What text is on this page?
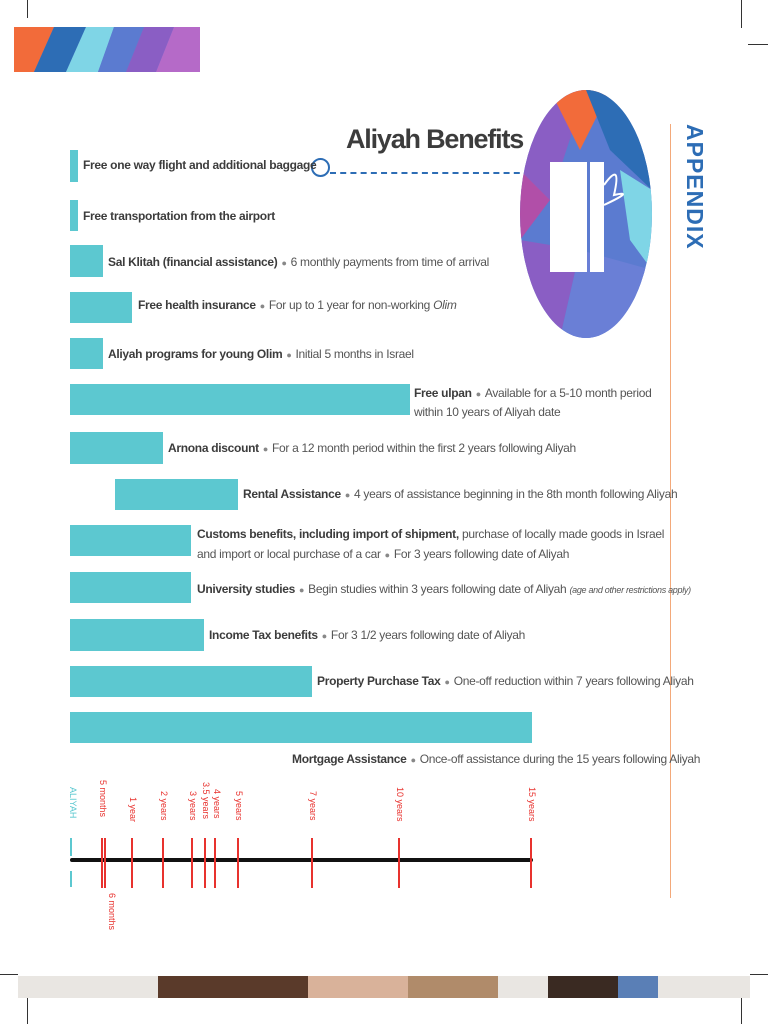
Aliyah Benefits	APPENDIX
Free one way flight and additional baggage
Free transportation from the airport
Sal Klitah (financial assistance) ● 6 monthly payments from time of arrival
Free health insurance ● For up to 1 year for non-working Olim
Aliyah programs for young Olim ● Initial 5 months in Israel
Free ulpan ● Available for a 5-10 month period
within 10 years of Aliyah date
Arnona discount ● For a 12 month period within the first 2 years following Aliyah
Rental Assistance ● 4 years of assistance beginning in the 8th month following Aliyah
Customs benefits, including import of shipment, purchase of locally made goods in Israel
and import or local purchase of a car ● For 3 years following date of Aliyah
University studies ● Begin studies within 3 years following date of Aliyah (age and other restrictions apply)
Income Tax benefits ● For 3 1/2 years following date of Aliyah
Property Purchase Tax ● One-off reduction within 7 years following Aliyah
Mortgage Assistance ● Once-off assistance during the 15 years following Aliyah
ALIYAH 5 months
6 months
1 year 2 years 3 years 3.5 years 4 years 5 years	7 years	10 years	15 years
